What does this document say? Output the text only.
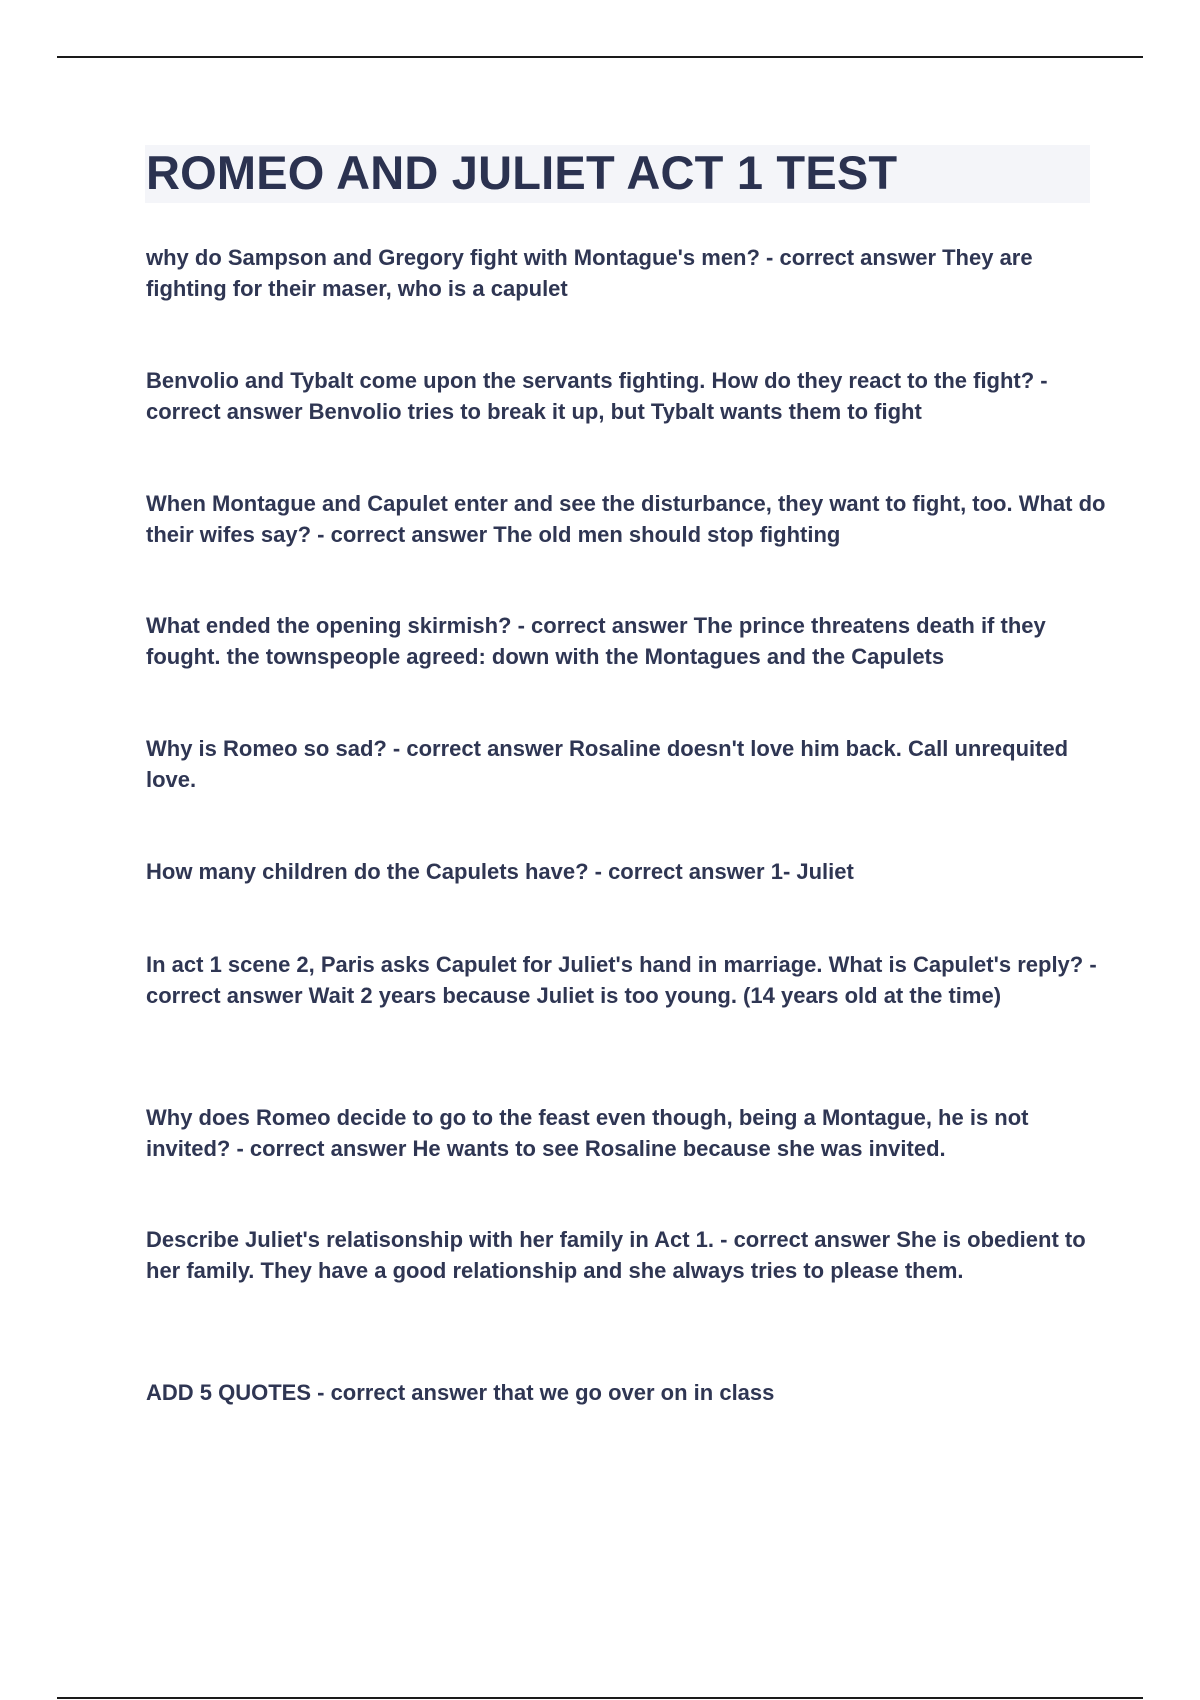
ROMEO AND JULIET ACT 1 TEST

why do Sampson and Gregory fight with Montague's men? - correct answer They are fighting for their maser, who is a capulet

Benvolio and Tybalt come upon the servants fighting. How do they react to the fight? - correct answer Benvolio tries to break it up, but Tybalt wants them to fight

When Montague and Capulet enter and see the disturbance, they want to fight, too. What do their wifes say? - correct answer The old men should stop fighting

What ended the opening skirmish? - correct answer The prince threatens death if they fought. the townspeople agreed: down with the Montagues and the Capulets

Why is Romeo so sad? - correct answer Rosaline doesn't love him back. Call unrequited love.

How many children do the Capulets have? - correct answer 1- Juliet

In act 1 scene 2, Paris asks Capulet for Juliet's hand in marriage. What is Capulet's reply? - correct answer Wait 2 years because Juliet is too young. (14 years old at the time)

Why does Romeo decide to go to the feast even though, being a Montague, he is not invited? - correct answer He wants to see Rosaline because she was invited.

Describe Juliet's relatisonship with her family in Act 1. - correct answer She is obedient to her family. They have a good relationship and she always tries to please them.

ADD 5 QUOTES - correct answer that we go over on in class
